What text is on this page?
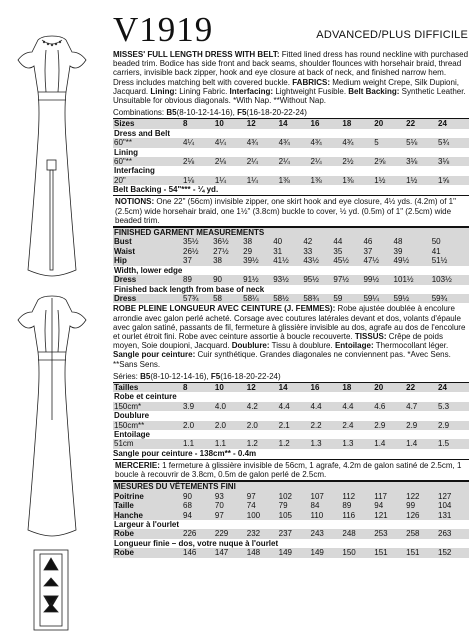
V1919	ADVANCED/PLUS DIFFICILE

MISSES' FULL LENGTH DRESS WITH BELT: Fitted lined dress has round neckline with purchased beaded trim. Bodice has side front and back seams, shoulder flounces with horsehair braid, thread carriers, invisible back zipper, hook and eye closure at back of neck, and finished narrow hem. Dress includes matching belt with covered buckle. FABRICS: Medium weight Crepe, Silk Dupioni, Jacquard. Lining: Lining Fabric. Interfacing: Lightweight Fusible. Belt Backing: Synthetic Leather. Unsuitable for obvious diagonals. *With Nap. **Without Nap.

Combinations: B5(8-10-12-14-16), F5(16-18-20-22-24)
Sizes	8	10	12	14	16	18	20	22	24
Dress and Belt									
60"**	4¼	4¼	4¾	4¾	4¾	4¾	5	5⅛	5¾
Lining									
60"**	2⅛	2⅛	2¼	2¼	2¼	2½	2⅝	3⅛	3⅛
Interfacing									
20"	1⅛	1¼	1¼	1⅜	1⅜	1⅜	1½	1½	1⅝
Belt Backing - 54"*** - ¼ yd.
NOTIONS: One 22" (56cm) invisible zipper, one skirt hook and eye closure, 4½ yds. (4.2m) of 1" (2.5cm) wide horsehair braid, one 1½" (3.8cm) buckle to cover, ½ yd. (0.5m) of 1" (2.5cm) wide beaded trim.
FINISHED GARMENT MEASUREMENTS									
Bust	35½	36½	38	40	42	44	46	48	50
Waist	26½	27½	29	31	33	35	37	39	41
Hip	37	38	39½	41½	43½	45½	47½	49½	51½
Width, lower edge									
Dress	89	90	91½	93½	95½	97½	99½	101½	103½
Finished back length from base of neck									
Dress	57¾	58	58¼	58½	58¾	59	59¼	59½	59¾

ROBE PLEINE LONGUEUR AVEC CEINTURE (J. FEMMES): Robe ajustée doublée à encolure arrondie avec galon perlé acheté. Corsage avec coutures latérales devant et dos, volants d'épaule avec galon satiné, passants de fil, fermeture à glissière invisible au dos, agrafe au dos de l'encolure et ourlet étroit fini. Robe avec ceinture assortie à boucle recouverte. TISSUS: Crêpe de poids moyen, Soie doupioni, Jacquard. Doublure: Tissu à doublure. Entoilage: Thermocollant léger. Sangle pour ceinture: Cuir synthétique. Grandes diagonales ne conviennent pas. *Avec Sens. **Sans Sens.

Séries: B5(8-10-12-14-16), F5(16-18-20-22-24)
Tailles	8	10	12	14	16	18	20	22	24
Robe et ceinture									
150cm*	3.9	4.0	4.2	4.4	4.4	4.4	4.6	4.7	5.3
Doublure									
150cm**	2.0	2.0	2.0	2.1	2.2	2.4	2.9	2.9	2.9
Entoilage									
51cm	1.1	1.1	1.2	1.2	1.3	1.3	1.4	1.4	1.5
Sangle pour ceinture - 138cm** - 0.4m
MERCERIE: 1 fermeture à glissière invisible de 56cm, 1 agrafe, 4.2m de galon satiné de 2.5cm, 1 boucle à recouvrir de 3.8cm, 0.5m de galon perlé de 2.5cm.
MESURES DU VÊTEMENTS FINI									
Poitrine	90	93	97	102	107	112	117	122	127
Taille	68	70	74	79	84	89	94	99	104
Hanche	94	97	100	105	110	116	121	126	131
Largeur à l'ourlet									
Robe	226	229	232	237	243	248	253	258	263
Longueur finie – dos, votre nuque à l'ourlet									
Robe	146	147	148	149	149	150	151	151	152
